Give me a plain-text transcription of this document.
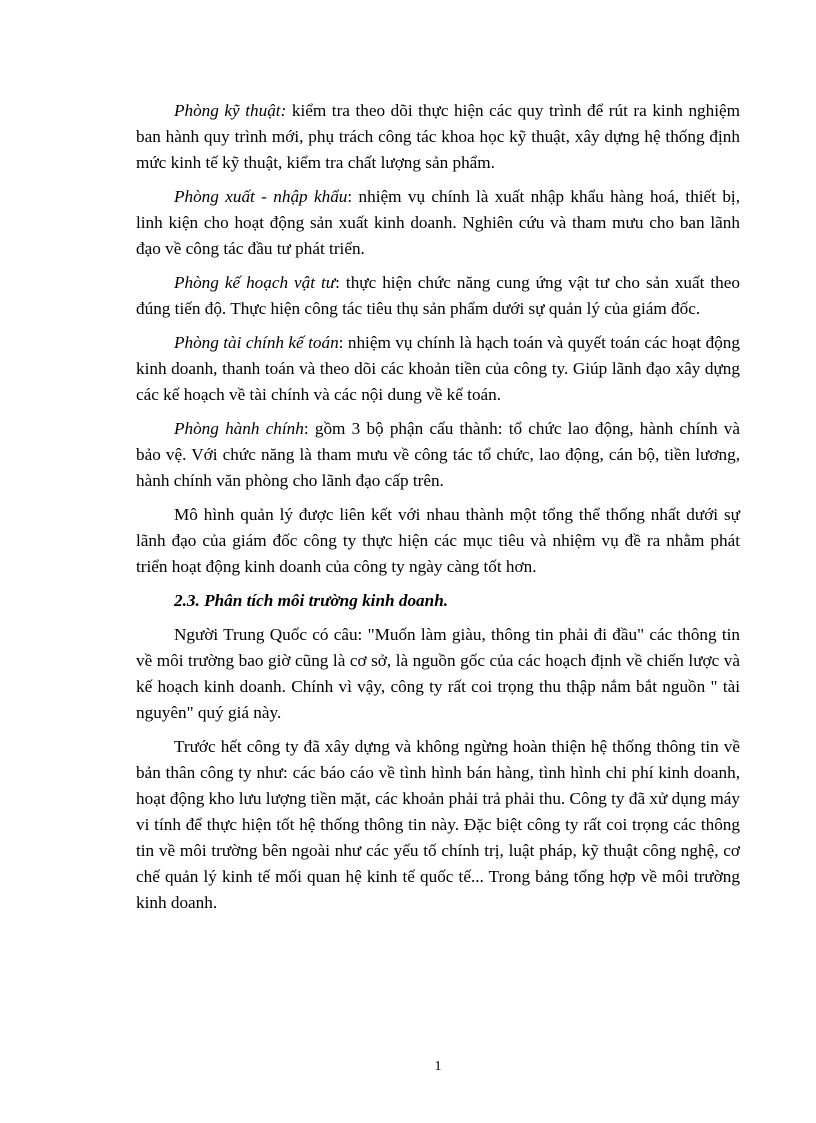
Phòng kỹ thuật: kiểm tra theo dõi thực hiện các quy trình để rút ra kinh nghiệm ban hành quy trình mới, phụ trách công tác khoa học kỹ thuật, xây dựng hệ thống định mức kinh tế kỹ thuật, kiểm tra chất lượng sản phẩm.

Phòng xuất - nhập khẩu: nhiệm vụ chính là xuất nhập khẩu hàng hoá, thiết bị, linh kiện cho hoạt động sản xuất kinh doanh. Nghiên cứu và tham mưu cho ban lãnh đạo về công tác đầu tư phát triển.

Phòng kế hoạch vật tư: thực hiện chức năng cung ứng vật tư cho sản xuất theo đúng tiến độ. Thực hiện công tác tiêu thụ sản phẩm dưới sự quản lý của giám đốc.

Phòng tài chính kế toán: nhiệm vụ chính là hạch toán và quyết toán các hoạt động kinh doanh, thanh toán và theo dõi các khoản tiền của công ty. Giúp lãnh đạo xây dựng các kế hoạch về tài chính và các nội dung về kế toán.

Phòng hành chính: gồm 3 bộ phận cấu thành: tổ chức lao động, hành chính và bảo vệ. Với chức năng là tham mưu về công tác tổ chức, lao động, cán bộ, tiền lương, hành chính văn phòng cho lãnh đạo cấp trên.

Mô hình quản lý được liên kết với nhau thành một tổng thể thống nhất dưới sự lãnh đạo của giám đốc công ty thực hiện các mục tiêu và nhiệm vụ đề ra nhằm phát triển hoạt động kinh doanh của công ty ngày càng tốt hơn.

2.3. Phân tích môi trường kinh doanh.

Người Trung Quốc có câu: "Muốn làm giàu, thông tin phải đi đầu" các thông tin về môi trường bao giờ cũng là cơ sở, là nguồn gốc của các hoạch định về chiến lược và kế hoạch kinh doanh. Chính vì vậy, công ty rất coi trọng thu thập nắm bắt nguồn " tài nguyên" quý giá này.

Trước hết công ty đã xây dựng và không ngừng hoàn thiện hệ thống thông tin về bản thân công ty như: các báo cáo về tình hình bán hàng, tình hình chi phí kinh doanh, hoạt động kho lưu lượng tiền mặt, các khoản phải trả phải thu. Công ty đã xử dụng máy vi tính để thực hiện tốt hệ thống thông tin này. Đặc biệt công ty rất coi trọng các thông tin về môi trường bên ngoài như các yếu tố chính trị, luật pháp, kỹ thuật công nghệ, cơ chế quản lý kinh tế mối quan hệ kinh tế quốc tế... Trong bảng tổng hợp về môi trường kinh doanh.

1
